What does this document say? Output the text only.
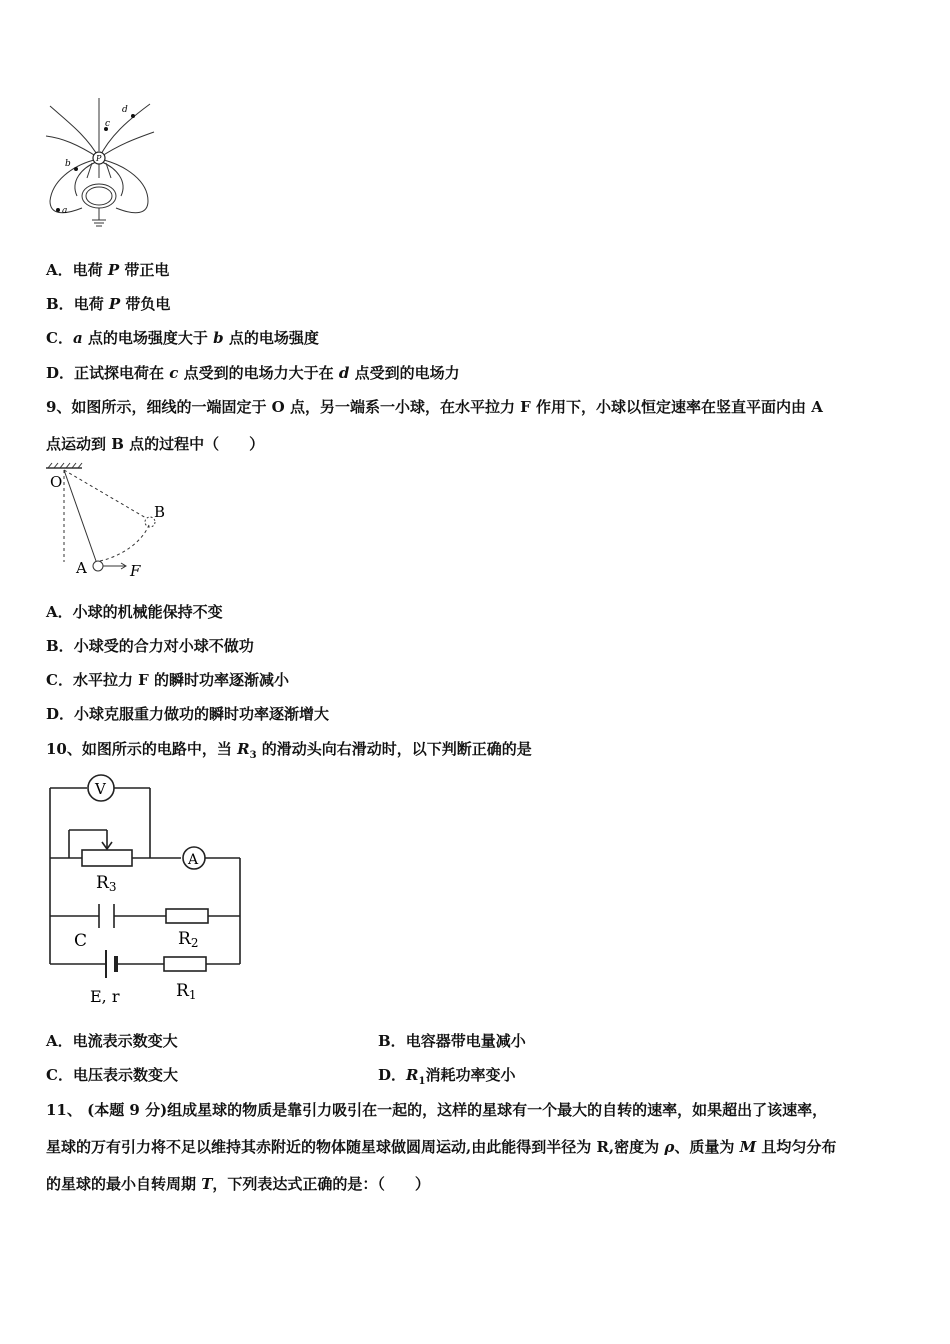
P
a
b
c
d
A．电荷 P 带正电
B．电荷 P 带负电
C．a 点的电场强度大于 b 点的电场强度
D．正试探电荷在 c 点受到的电场力大于在 d 点受到的电场力
9、如图所示，细线的一端固定于 O 点，另一端系一小球，在水平拉力 F 作用下，小球以恒定速率在竖直平面内由 A
点运动到 B 点的过程中（　　）
O
A
B
F
A．小球的机械能保持不变
B．小球受的合力对小球不做功
C．水平拉力 F 的瞬时功率逐渐减小
D．小球克服重力做功的瞬时功率逐渐增大
10、如图所示的电路中，当 $R_3$ 的滑动头向右滑动时，以下判断正确的是
V
A
R3
C	R2
E, r	R1
A．电流表示数变大	B．电容器带电量减小
C．电压表示数变大	D．$R_1$消耗功率变小
11、 (本题 9 分)组成星球的物质是靠引力吸引在一起的，这样的星球有一个最大的自转的速率，如果超出了该速率，
星球的万有引力将不足以维持其赤附近的物体随星球做圆周运动,由此能得到半径为 R,密度为 ρ、质量为 M 且均匀分布
的星球的最小自转周期 T，下列表达式正确的是：（　　）
